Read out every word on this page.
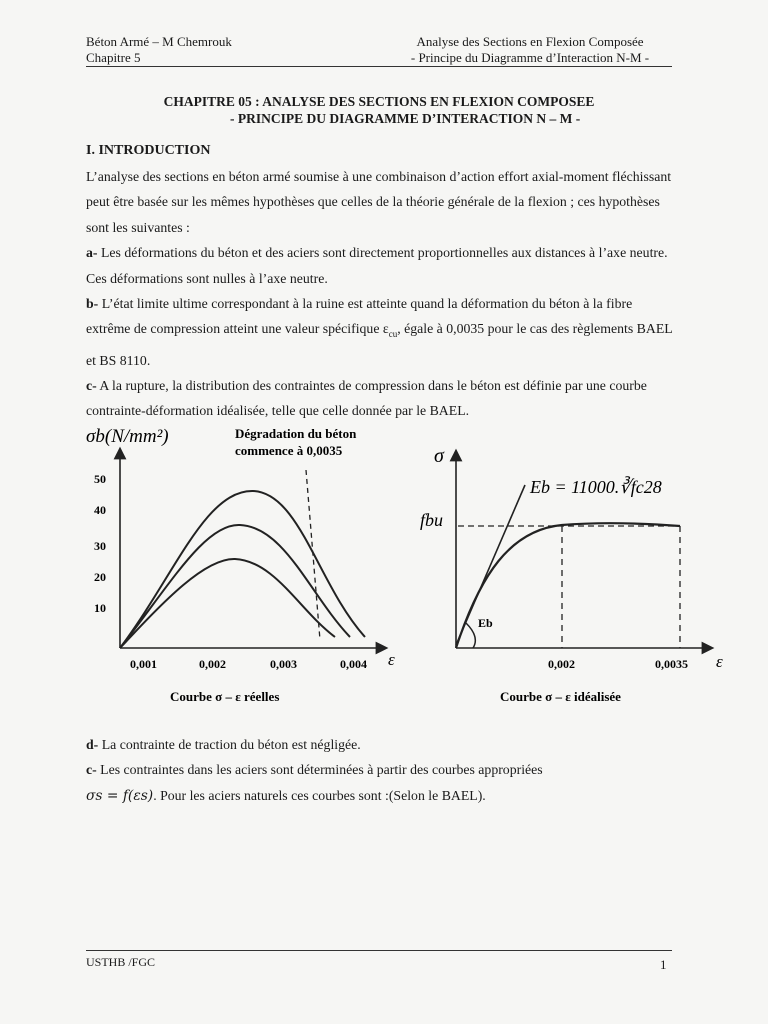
Béton Armé – M Chemrouk
Chapitre 5
Analyse des Sections en Flexion Composée
- Principe du Diagramme d’Interaction N-M -
CHAPITRE 05 : ANALYSE DES SECTIONS EN FLEXION COMPOSEE
- PRINCIPE DU DIAGRAMME D’INTERACTION N – M -
I. INTRODUCTION
L’analyse des sections en béton armé soumise à une combinaison d’action effort axial-moment fléchissant peut être basée sur les mêmes hypothèses que celles de la théorie générale de la flexion ; ces hypothèses sont les suivantes :
a- Les déformations du béton et des aciers sont directement proportionnelles aux distances à l’axe neutre. Ces déformations sont nulles à l’axe neutre.
b- L’état limite ultime correspondant à la ruine est atteinte quand la déformation du béton à la fibre extrême de compression atteint une valeur spécifique $\varepsilon_{cu}$, égale à 0,0035 pour le cas des règlements BAEL et BS 8110.
c- A la rupture, la distribution des contraintes de compression dans le béton est définie par une courbe contrainte-déformation idéalisée, telle que celle donnée par le BAEL.
σb(N/mm²)	Dégradation du béton
commence à 0,0035
50
40
30
20
10
0,001	0,002	0,003	0,004 ε
Courbe σ – ε réelles
σ
fbu
Eb = 11000.∛fc28
Eb
0,002	0,0035 ε
Courbe σ – ε idéalisée
d- La contrainte de traction du béton est négligée.
c- Les contraintes dans les aciers sont déterminées à partir des courbes appropriées
σs = f(εs). Pour les aciers naturels ces courbes sont :(Selon le BAEL).
USTHB /FGC	1
